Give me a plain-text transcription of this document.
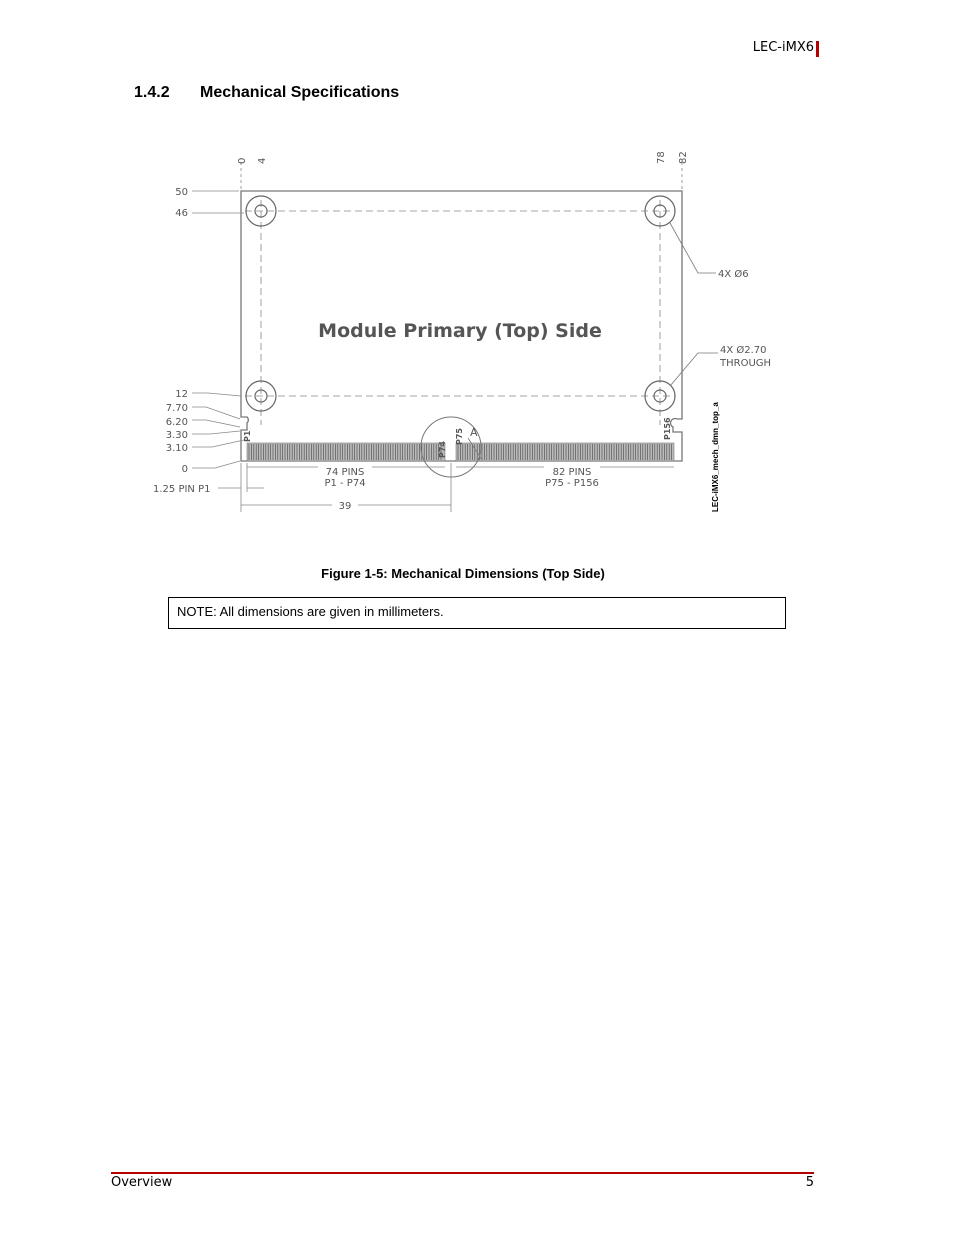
LEC-iMX6
1.4.2 Mechanical Specifications
A
P1
P74
P75	P156
Module Primary (Top) Side
0 4	78 82
50
46
12
7.70
6.20
3.30
3.10
0
1.25 PIN P1
39
74 PINS
P1 - P74
82 PINS
P75 - P156
4X Ø6
4X Ø2.70
THROUGH
LEC-iMX6_mech_dmn_top_a
Figure 1-5: Mechanical Dimensions (Top Side)
NOTE: All dimensions are given in millimeters.
Overview	5
